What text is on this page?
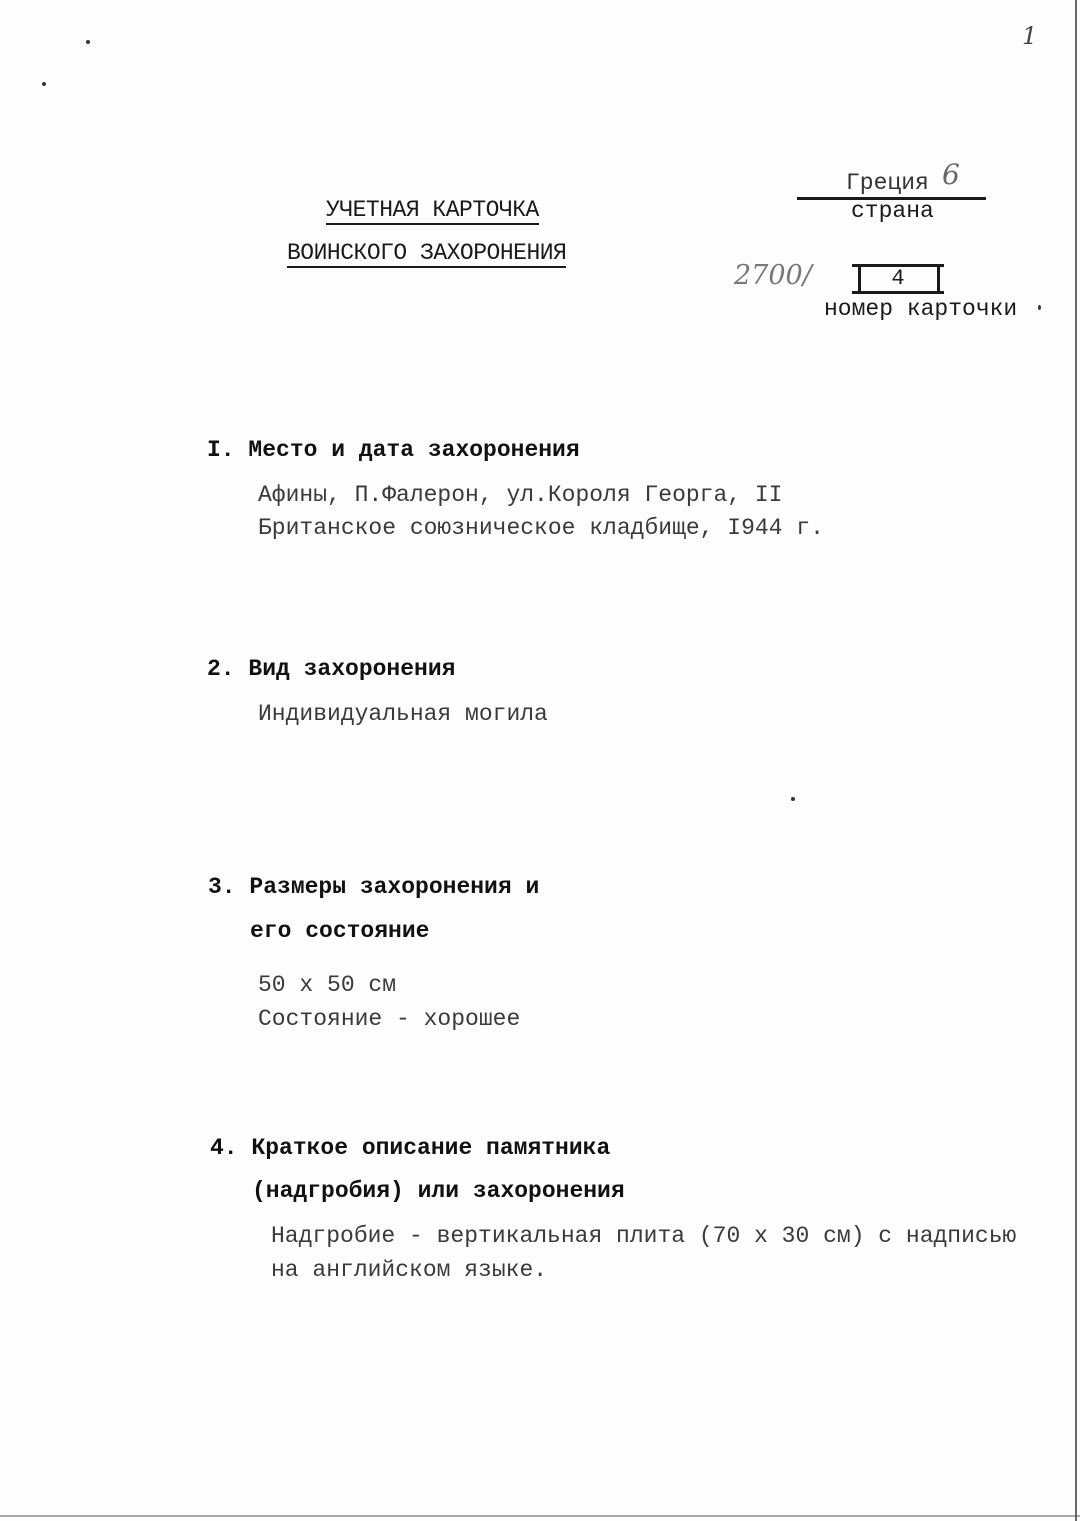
1
УЧЕТНАЯ КАРТОЧКА
ВОИНСКОГО ЗАХОРОНЕНИЯ
Греция 6
страна
2700/	4
номер карточки
I. Место и дата захоронения
Афины, П.Фалерон, ул.Короля Георга, II
Британское союзническое кладбище, I944 г.
2. Вид захоронения
Индивидуальная могила
3. Размеры захоронения и
его состояние
50 х 50 см
Состояние - хорошее
4. Краткое описание памятника
(надгробия) или захоронения
Надгробие - вертикальная плита (70 х 30 см) с надписью
на английском языке.
